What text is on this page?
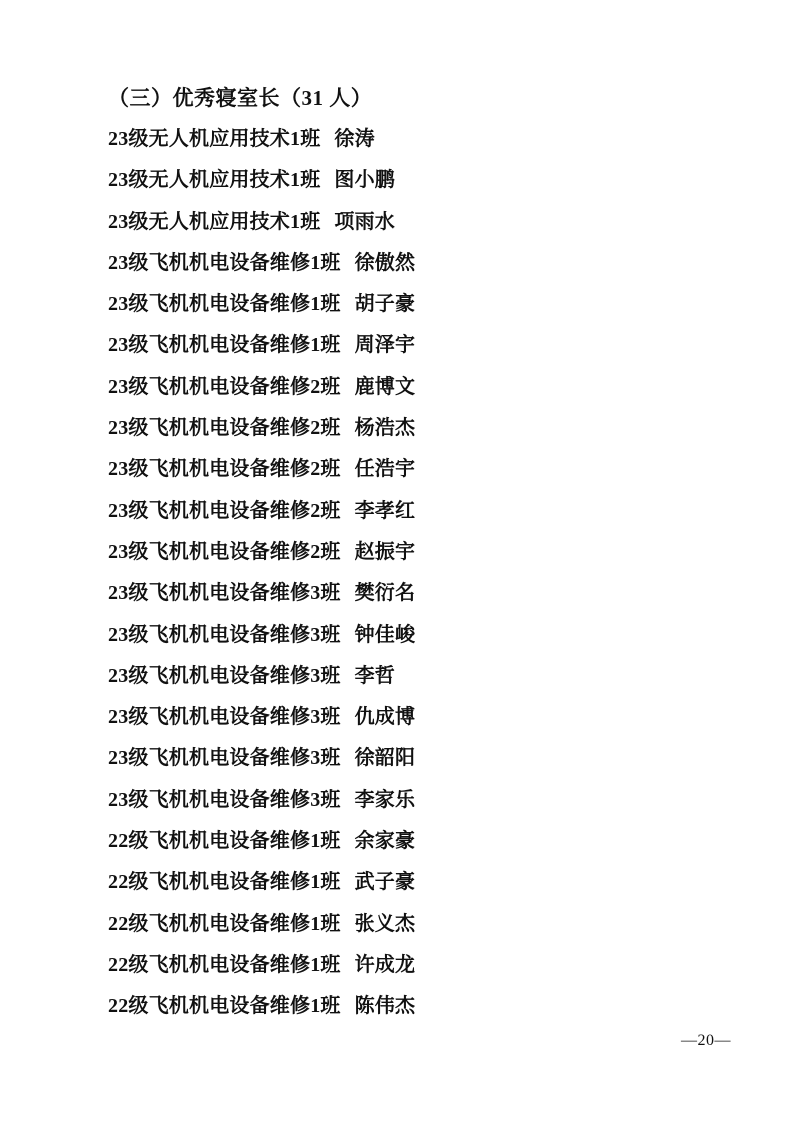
（三）优秀寝室长（31 人）
23级无人机应用技术1班 徐涛
23级无人机应用技术1班 图小鹏
23级无人机应用技术1班 项雨水
23级飞机机电设备维修1班 徐傲然
23级飞机机电设备维修1班 胡子豪
23级飞机机电设备维修1班 周泽宇
23级飞机机电设备维修2班 鹿博文
23级飞机机电设备维修2班 杨浩杰
23级飞机机电设备维修2班 任浩宇
23级飞机机电设备维修2班 李孝红
23级飞机机电设备维修2班 赵振宇
23级飞机机电设备维修3班 樊衍名
23级飞机机电设备维修3班 钟佳峻
23级飞机机电设备维修3班 李哲
23级飞机机电设备维修3班 仇成博
23级飞机机电设备维修3班 徐韶阳
23级飞机机电设备维修3班 李家乐
22级飞机机电设备维修1班 余家豪
22级飞机机电设备维修1班 武子豪
22级飞机机电设备维修1班 张义杰
22级飞机机电设备维修1班 许成龙
22级飞机机电设备维修1班 陈伟杰
—20—
